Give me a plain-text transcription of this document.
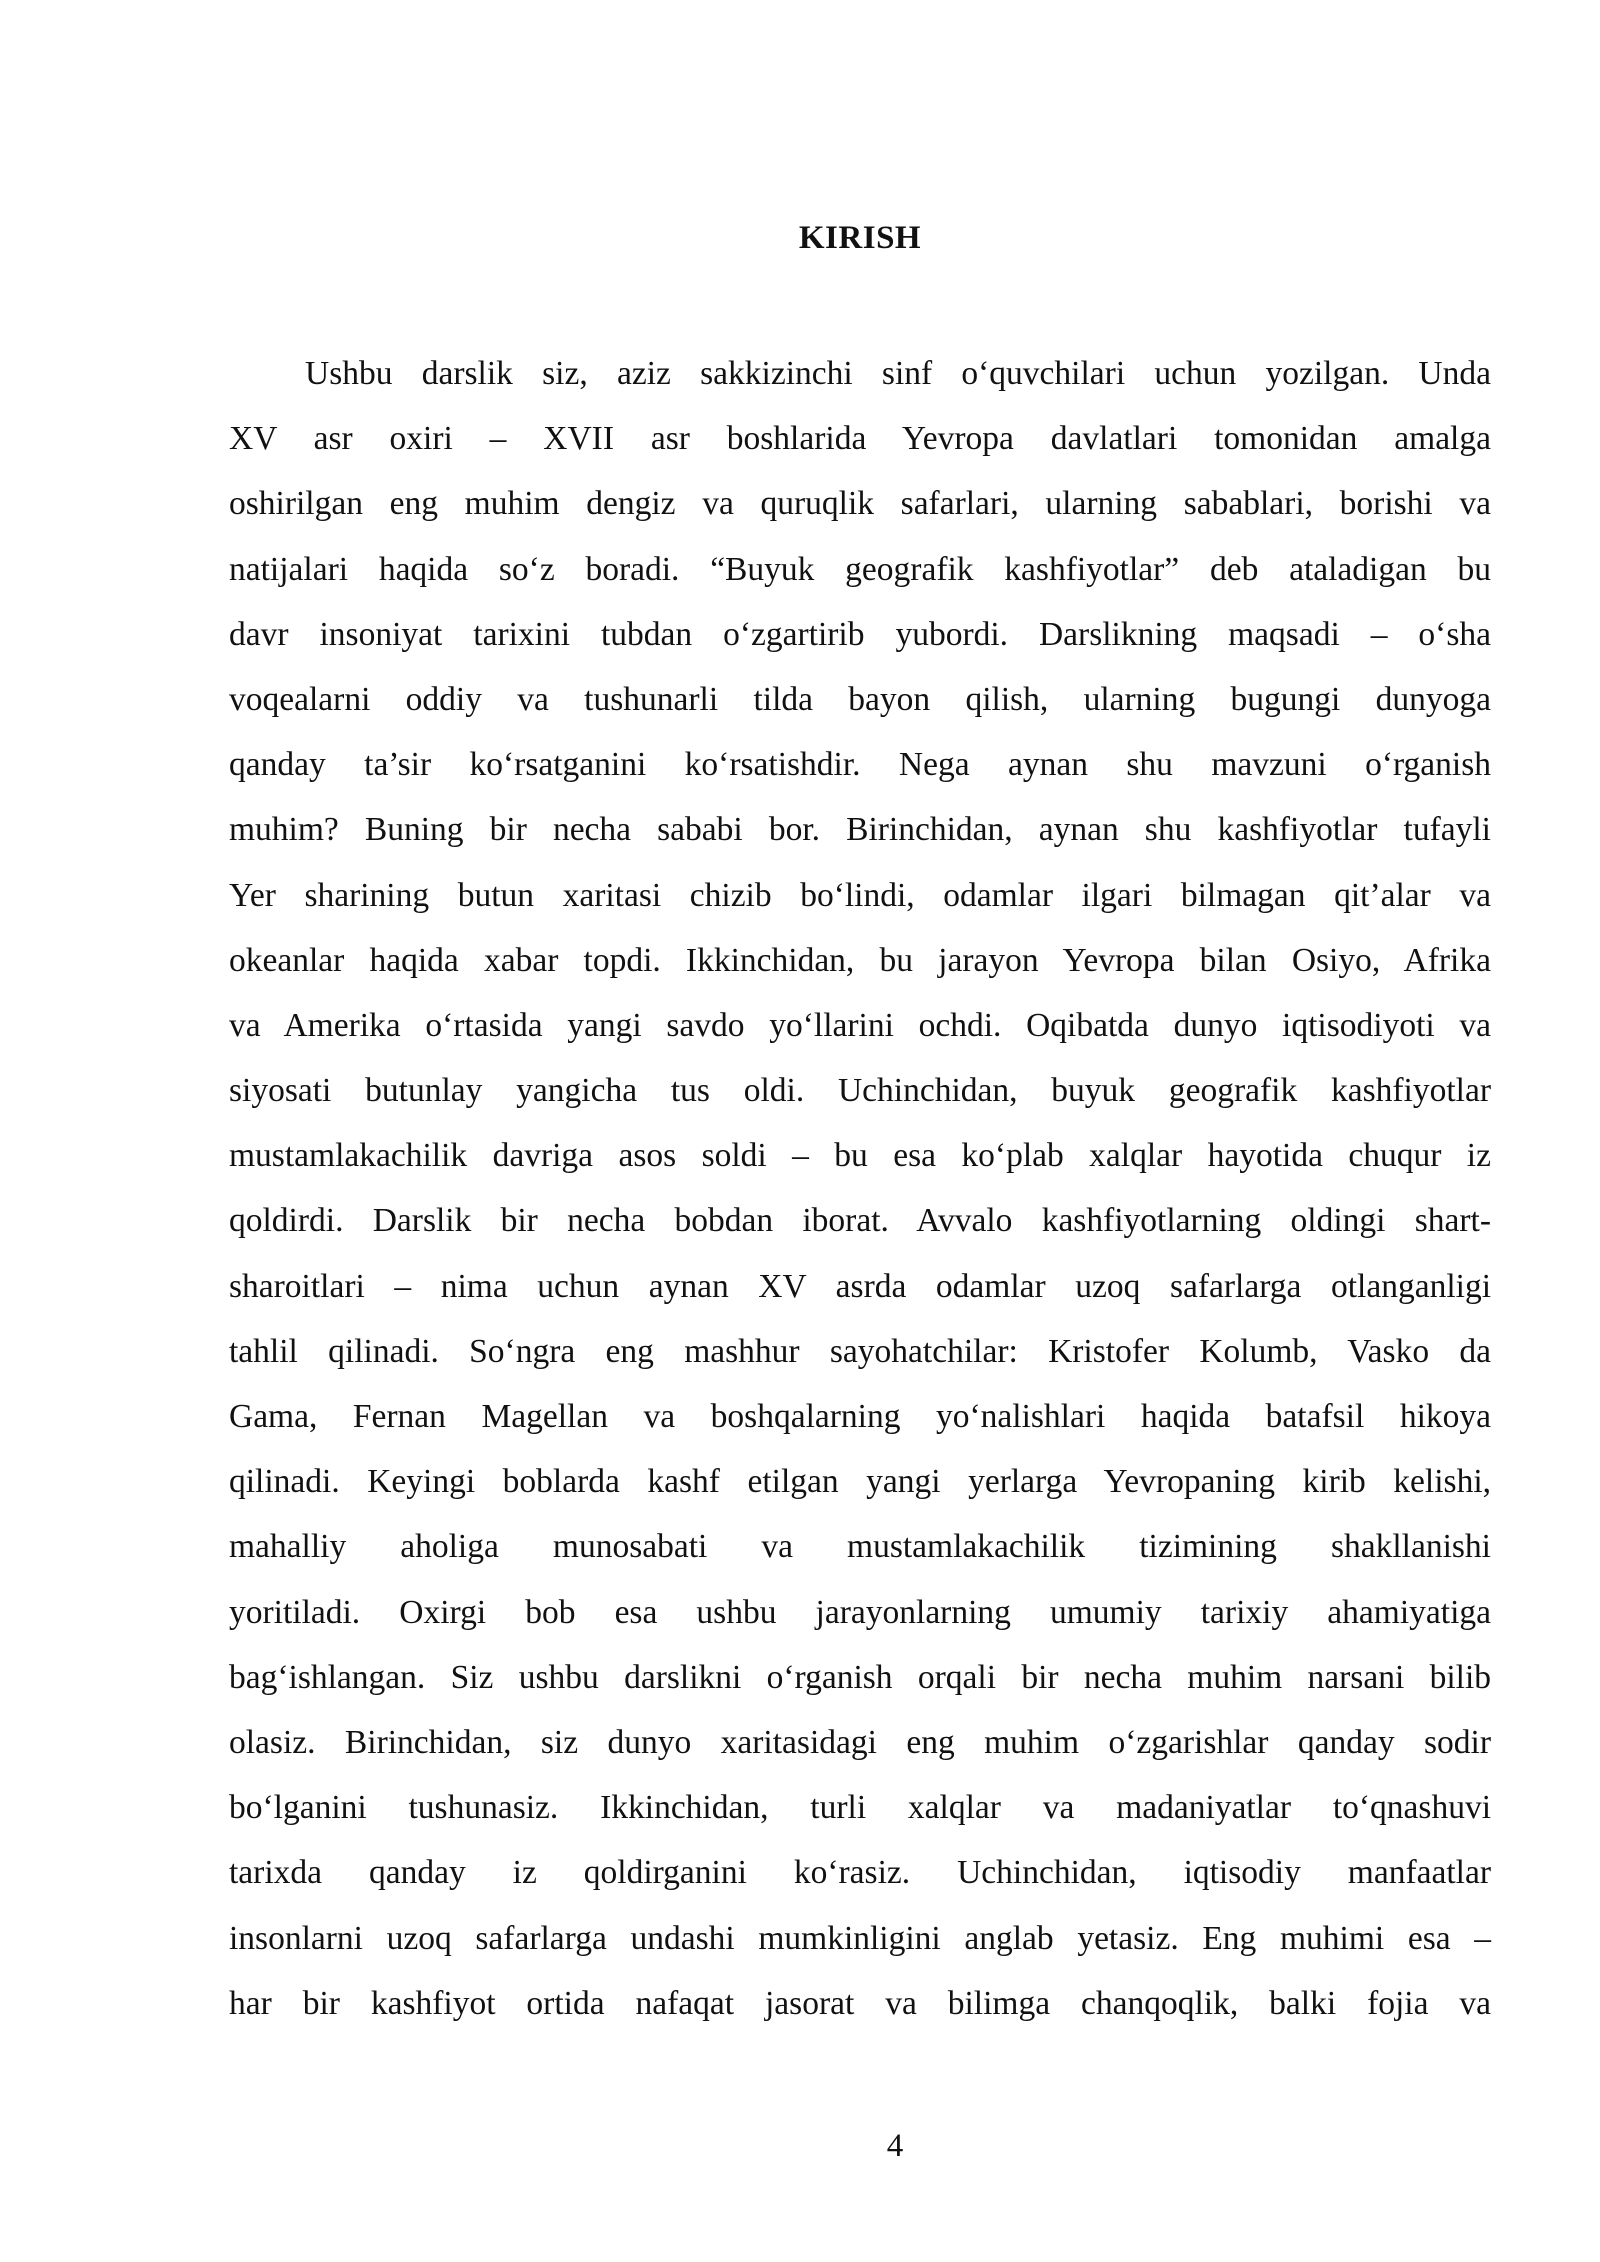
KIRISH
Ushbu darslik siz, aziz sakkizinchi sinf o‘quvchilari uchun yozilgan. Unda
XV asr oxiri – XVII asr boshlarida Yevropa davlatlari tomonidan amalga
oshirilgan eng muhim dengiz va quruqlik safarlari, ularning sabablari, borishi va
natijalari haqida so‘z boradi. “Buyuk geografik kashfiyotlar” deb ataladigan bu
davr insoniyat tarixini tubdan o‘zgartirib yubordi. Darslikning maqsadi – o‘sha
voqealarni oddiy va tushunarli tilda bayon qilish, ularning bugungi dunyoga
qanday ta’sir ko‘rsatganini ko‘rsatishdir. Nega aynan shu mavzuni o‘rganish
muhim? Buning bir necha sababi bor. Birinchidan, aynan shu kashfiyotlar tufayli
Yer sharining butun xaritasi chizib bo‘lindi, odamlar ilgari bilmagan qit’alar va
okeanlar haqida xabar topdi. Ikkinchidan, bu jarayon Yevropa bilan Osiyo, Afrika
va Amerika o‘rtasida yangi savdo yo‘llarini ochdi. Oqibatda dunyo iqtisodiyoti va
siyosati butunlay yangicha tus oldi. Uchinchidan, buyuk geografik kashfiyotlar
mustamlakachilik davriga asos soldi – bu esa ko‘plab xalqlar hayotida chuqur iz
qoldirdi. Darslik bir necha bobdan iborat. Avvalo kashfiyotlarning oldingi shart-
sharoitlari – nima uchun aynan XV asrda odamlar uzoq safarlarga otlanganligi
tahlil qilinadi. So‘ngra eng mashhur sayohatchilar: Kristofer Kolumb, Vasko da
Gama, Fernan Magellan va boshqalarning yo‘nalishlari haqida batafsil hikoya
qilinadi. Keyingi boblarda kashf etilgan yangi yerlarga Yevropaning kirib kelishi,
mahalliy aholiga munosabati va mustamlakachilik tizimining shakllanishi
yoritiladi. Oxirgi bob esa ushbu jarayonlarning umumiy tarixiy ahamiyatiga
bag‘ishlangan. Siz ushbu darslikni o‘rganish orqali bir necha muhim narsani bilib
olasiz. Birinchidan, siz dunyo xaritasidagi eng muhim o‘zgarishlar qanday sodir
bo‘lganini tushunasiz. Ikkinchidan, turli xalqlar va madaniyatlar to‘qnashuvi
tarixda qanday iz qoldirganini ko‘rasiz. Uchinchidan, iqtisodiy manfaatlar
insonlarni uzoq safarlarga undashi mumkinligini anglab yetasiz. Eng muhimi esa –
har bir kashfiyot ortida nafaqat jasorat va bilimga chanqoqlik, balki fojia va

4
